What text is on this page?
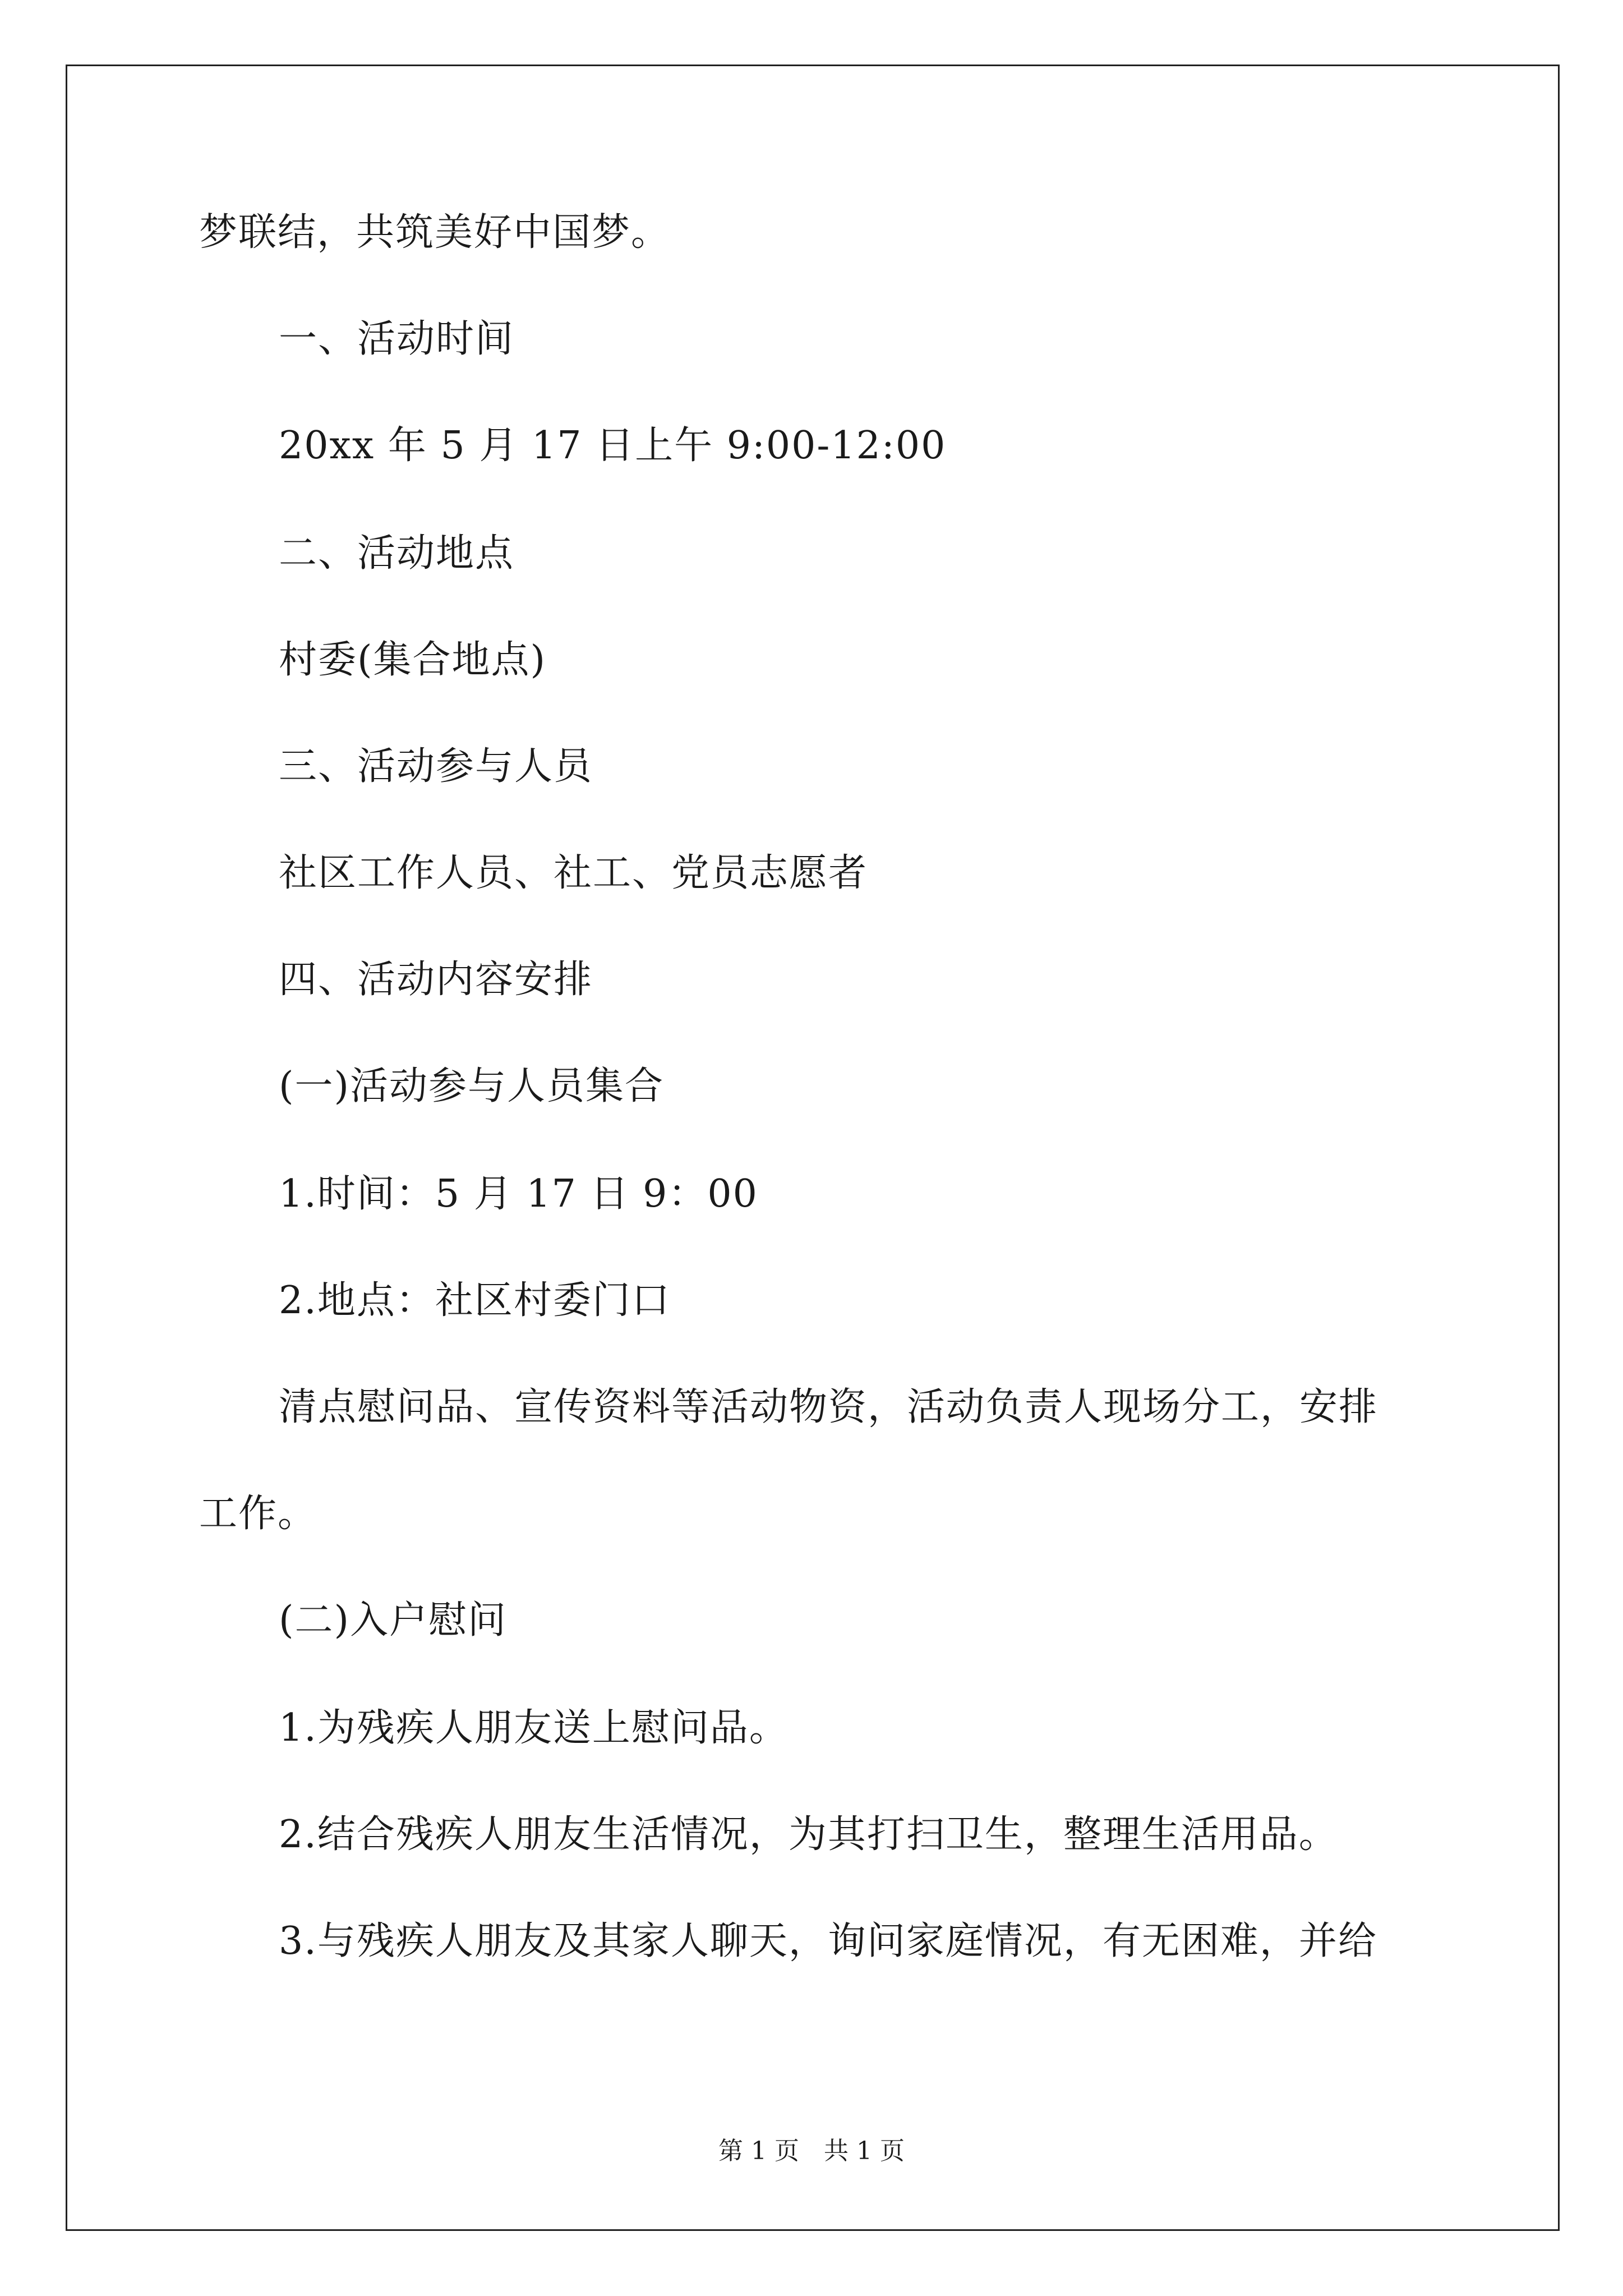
梦联结，共筑美好中国梦。
一、活动时间
20xx 年 5 月 17 日上午 9:00-12:00
二、活动地点
村委(集合地点)
三、活动参与人员
社区工作人员、社工、党员志愿者
四、活动内容安排
(一)活动参与人员集合
1.时间：5 月 17 日 9：00
2.地点：社区村委门口
清点慰问品、宣传资料等活动物资，活动负责人现场分工，安排
工作。
(二)入户慰问
1.为残疾人朋友送上慰问品。
2.结合残疾人朋友生活情况，为其打扫卫生，整理生活用品。
3.与残疾人朋友及其家人聊天，询问家庭情况，有无困难，并给
第 1 页　共 1 页
